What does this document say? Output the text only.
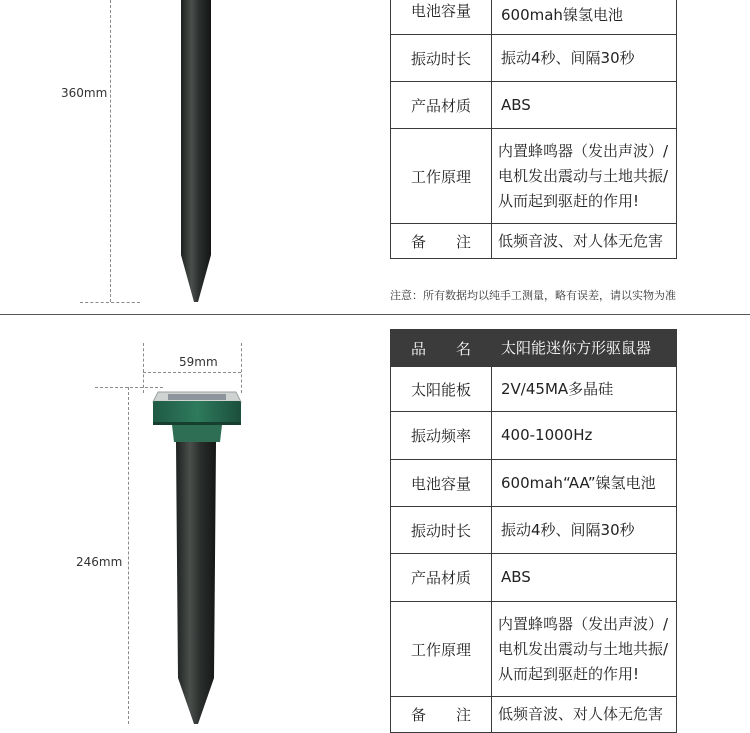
360mm
电池容量	600mah镍氢电池
振动时长	振动4秒、间隔30秒
产品材质	ABS
工作原理	内置蜂鸣器（发出声波）/
电机发出震动与土地共振/
从而起到驱赶的作用!

备　　注	低频音波、对人体无危害
注意：所有数据均以纯手工测量，略有误差，请以实物为准
59mm
246mm
品　　名	太阳能迷你方形驱鼠器
太阳能板	2V/45MA多晶硅
振动频率	400-1000Hz
电池容量	600mah“AA”镍氢电池
振动时长	振动4秒、间隔30秒
产品材质	ABS
工作原理	内置蜂鸣器（发出声波）/
电机发出震动与土地共振/
从而起到驱赶的作用!

备　　注	低频音波、对人体无危害
